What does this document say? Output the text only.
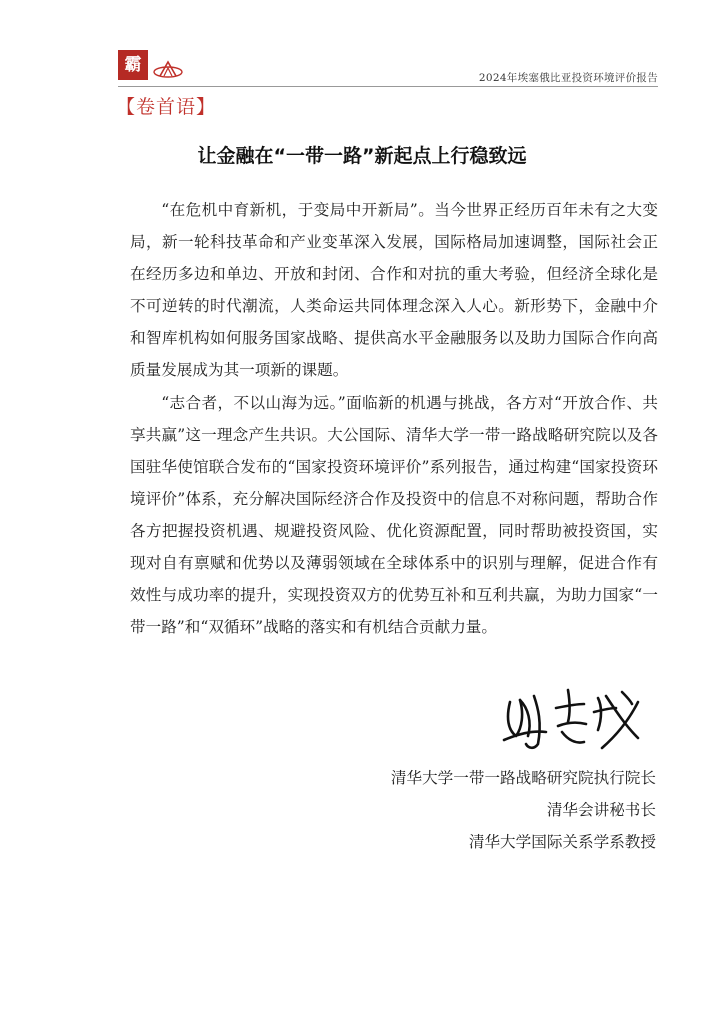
霸
2024年埃塞俄比亚投资环境评价报告
【卷首语】
让金融在“一带一路”新起点上行稳致远

“在危机中育新机，于变局中开新局”。当今世界正经历百年未有之大变局，新一轮科技革命和产业变革深入发展，国际格局加速调整，国际社会正在经历多边和单边、开放和封闭、合作和对抗的重大考验，但经济全球化是不可逆转的时代潮流，人类命运共同体理念深入人心。新形势下，金融中介和智库机构如何服务国家战略、提供高水平金融服务以及助力国际合作向高质量发展成为其一项新的课题。

“志合者，不以山海为远。”面临新的机遇与挑战，各方对“开放合作、共享共赢”这一理念产生共识。大公国际、清华大学一带一路战略研究院以及各国驻华使馆联合发布的“国家投资环境评价”系列报告，通过构建“国家投资环境评价”体系，充分解决国际经济合作及投资中的信息不对称问题，帮助合作各方把握投资机遇、规避投资风险、优化资源配置，同时帮助被投资国，实现对自有禀赋和优势以及薄弱领域在全球体系中的识别与理解，促进合作有效性与成功率的提升，实现投资双方的优势互补和互利共赢，为助力国家“一带一路”和“双循环”战略的落实和有机结合贡献力量。

清华大学一带一路战略研究院执行院长
清华会讲秘书长
清华大学国际关系学系教授
